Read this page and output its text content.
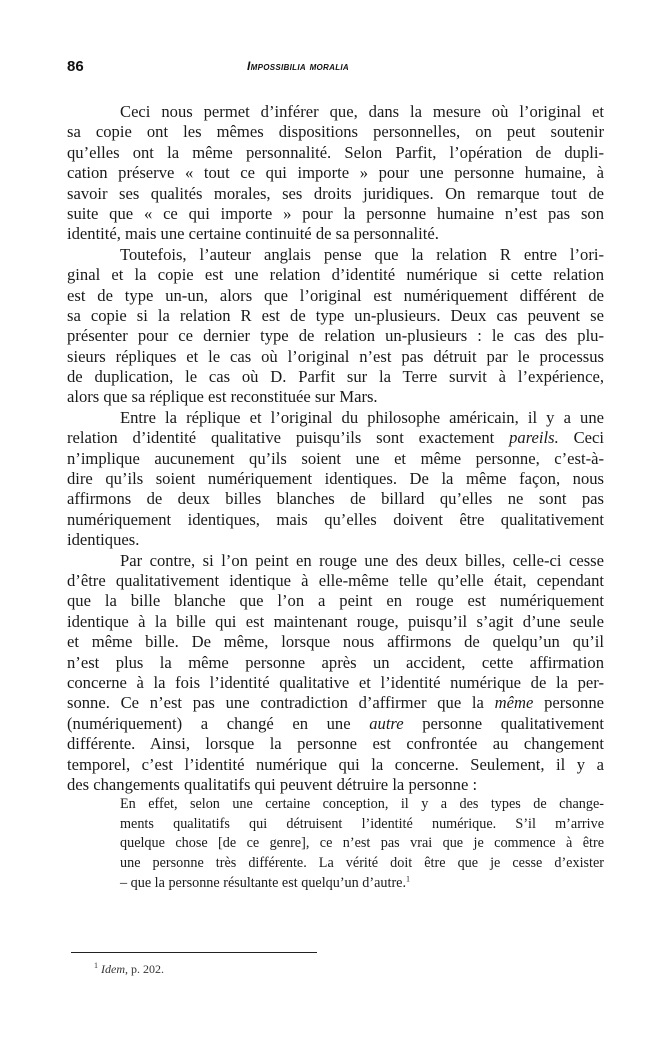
86	Impossibilia moralia
Ceci nous permet d’inférer que, dans la mesure où l’original et
sa copie ont les mêmes dispositions personnelles, on peut soutenir
qu’elles ont la même personnalité. Selon Parfit, l’opération de dupli-
cation préserve « tout ce qui importe » pour une personne humaine, à
savoir ses qualités morales, ses droits juridiques. On remarque tout de
suite que « ce qui importe » pour la personne humaine n’est pas son
identité, mais une certaine continuité de sa personnalité.
Toutefois, l’auteur anglais pense que la relation R entre l’ori-
ginal et la copie est une relation d’identité numérique si cette relation
est de type un-un, alors que l’original est numériquement différent de
sa copie si la relation R est de type un-plusieurs. Deux cas peuvent se
présenter pour ce dernier type de relation un-plusieurs : le cas des plu-
sieurs répliques et le cas où l’original n’est pas détruit par le processus
de duplication, le cas où D. Parfit sur la Terre survit à l’expérience,
alors que sa réplique est reconstituée sur Mars.
Entre la réplique et l’original du philosophe américain, il y a une
relation d’identité qualitative puisqu’ils sont exactement pareils. Ceci
n’implique aucunement qu’ils soient une et même personne, c’est-à-
dire qu’ils soient numériquement identiques. De la même façon, nous
affirmons de deux billes blanches de billard qu’elles ne sont pas
numériquement identiques, mais qu’elles doivent être qualitativement
identiques.
Par contre, si l’on peint en rouge une des deux billes, celle-ci cesse
d’être qualitativement identique à elle-même telle qu’elle était, cependant
que la bille blanche que l’on a peint en rouge est numériquement
identique à la bille qui est maintenant rouge, puisqu’il s’agit d’une seule
et même bille. De même, lorsque nous affirmons de quelqu’un qu’il
n’est plus la même personne après un accident, cette affirmation
concerne à la fois l’identité qualitative et l’identité numérique de la per-
sonne. Ce n’est pas une contradiction d’affirmer que la même personne
(numériquement) a changé en une autre personne qualitativement
différente. Ainsi, lorsque la personne est confrontée au changement
temporel, c’est l’identité numérique qui la concerne. Seulement, il y a
des changements qualitatifs qui peuvent détruire la personne :
En effet, selon une certaine conception, il y a des types de change-
ments qualitatifs qui détruisent l’identité numérique. S’il m’arrive
quelque chose [de ce genre], ce n’est pas vrai que je commence à être
une personne très différente. La vérité doit être que je cesse d’exister
– que la personne résultante est quelqu’un d’autre.$^1$
$^1$ Idem, p. 202.
